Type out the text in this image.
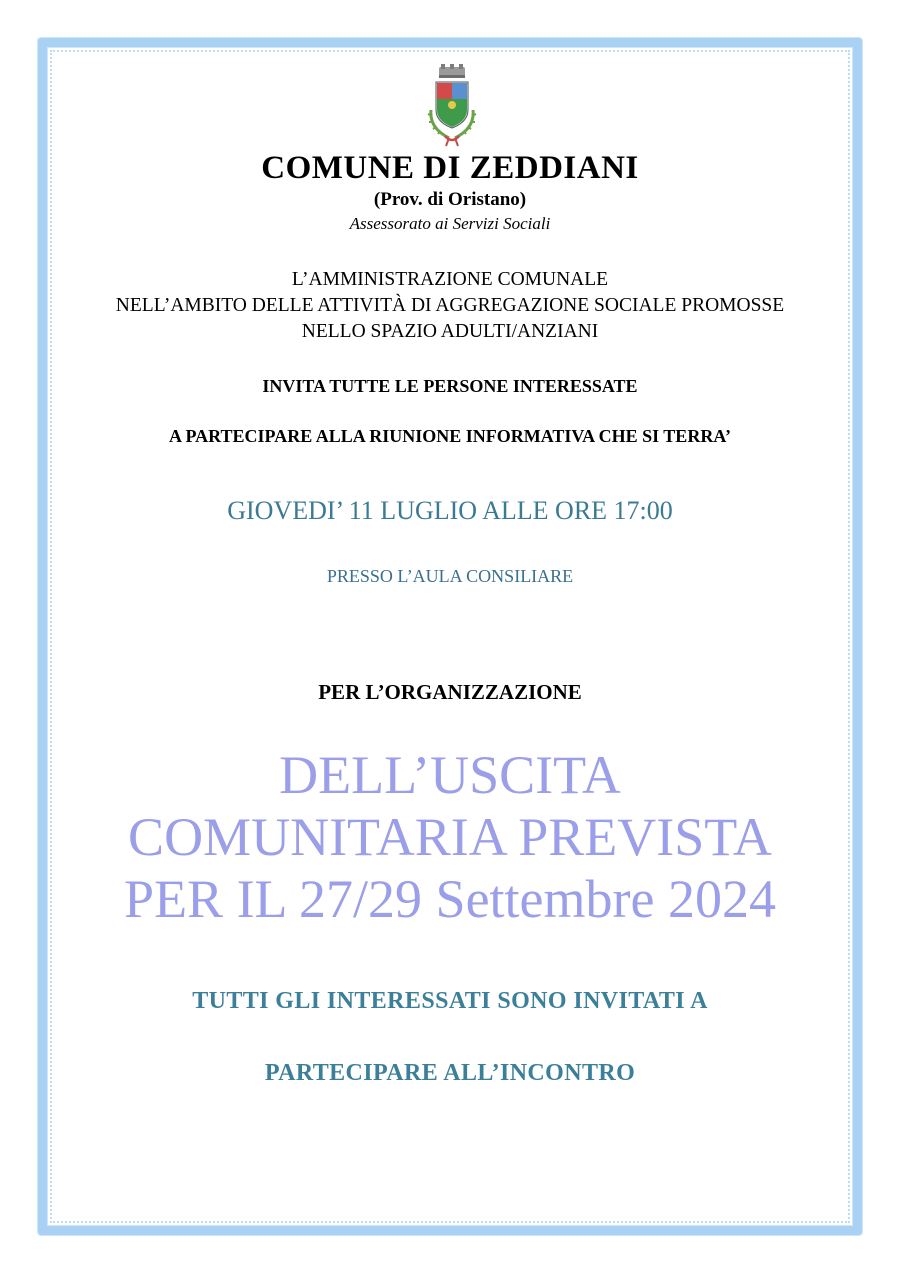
COMUNE DI ZEDDIANI
(Prov. di Oristano)
Assessorato ai Servizi Sociali
L’AMMINISTRAZIONE COMUNALE
NELL’AMBITO DELLE ATTIVITÀ DI AGGREGAZIONE SOCIALE PROMOSSE
NELLO SPAZIO ADULTI/ANZIANI
INVITA TUTTE LE PERSONE INTERESSATE
A PARTECIPARE ALLA RIUNIONE INFORMATIVA CHE SI TERRA’
GIOVEDI’ 11 LUGLIO ALLE ORE 17:00
PRESSO L’AULA CONSILIARE
PER L’ORGANIZZAZIONE
DELL’USCITA
COMUNITARIA PREVISTA
PER IL 27/29 Settembre 2024
TUTTI GLI INTERESSATI SONO INVITATI A
PARTECIPARE ALL’INCONTRO
